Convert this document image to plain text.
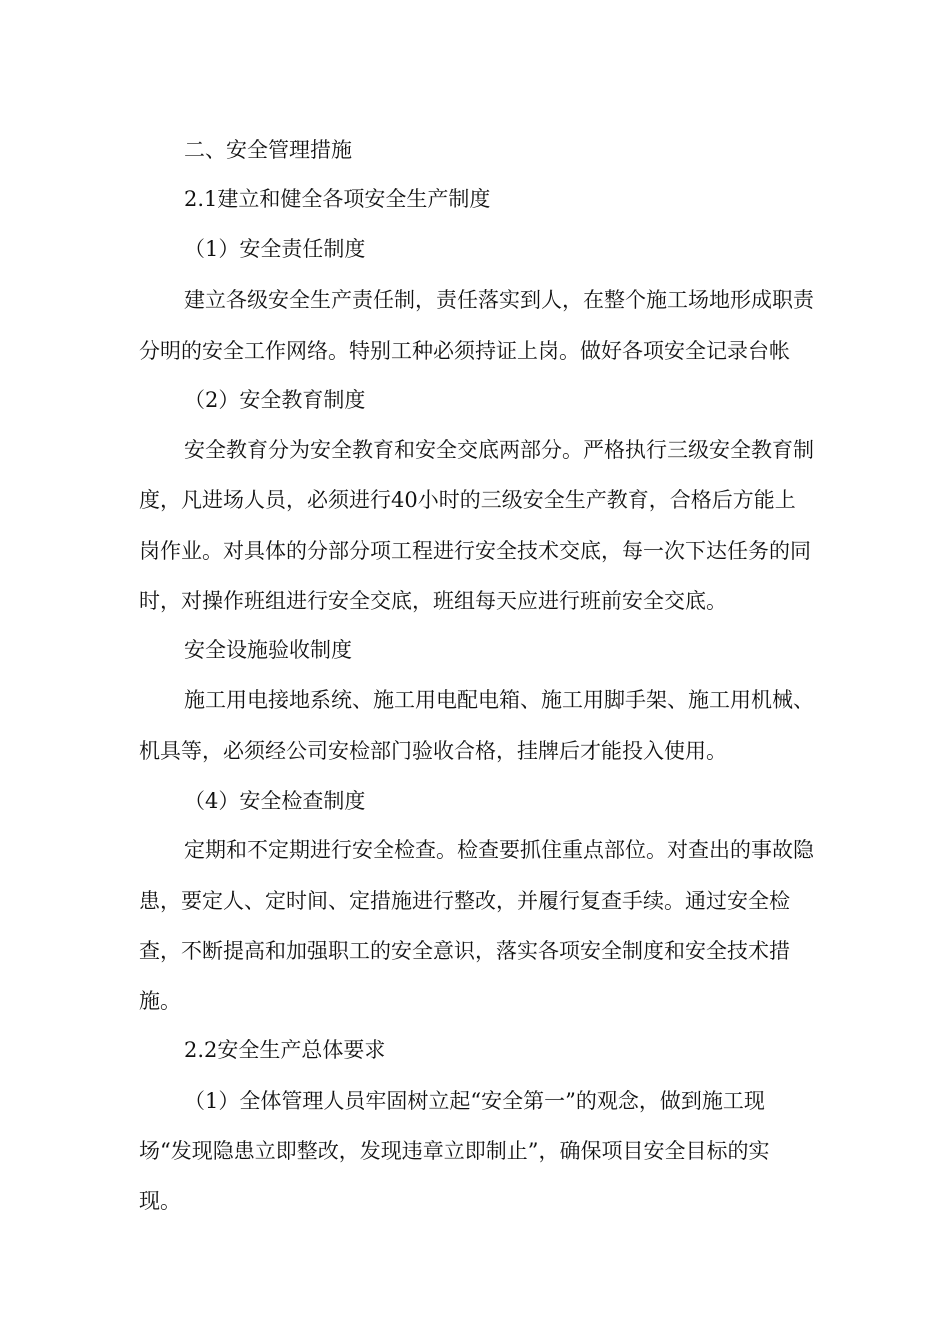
二、安全管理措施
2.1建立和健全各项安全生产制度
（1）安全责任制度
建立各级安全生产责任制，责任落实到人，在整个施工场地形成职责
分明的安全工作网络。特别工种必须持证上岗。做好各项安全记录台帐
（2）安全教育制度
安全教育分为安全教育和安全交底两部分。严格执行三级安全教育制
度，凡进场人员，必须进行40小时的三级安全生产教育，合格后方能上
岗作业。对具体的分部分项工程进行安全技术交底，每一次下达任务的同
时，对操作班组进行安全交底，班组每天应进行班前安全交底。
安全设施验收制度
施工用电接地系统、施工用电配电箱、施工用脚手架、施工用机械、
机具等，必须经公司安检部门验收合格，挂牌后才能投入使用。
（4）安全检查制度
定期和不定期进行安全检查。检查要抓住重点部位。对查出的事故隐
患，要定人、定时间、定措施进行整改，并履行复查手续。通过安全检
查，不断提高和加强职工的安全意识，落实各项安全制度和安全技术措
施。
2.2安全生产总体要求
（1）全体管理人员牢固树立起“安全第一”的观念，做到施工现
场“发现隐患立即整改，发现违章立即制止”，确保项目安全目标的实
现。
